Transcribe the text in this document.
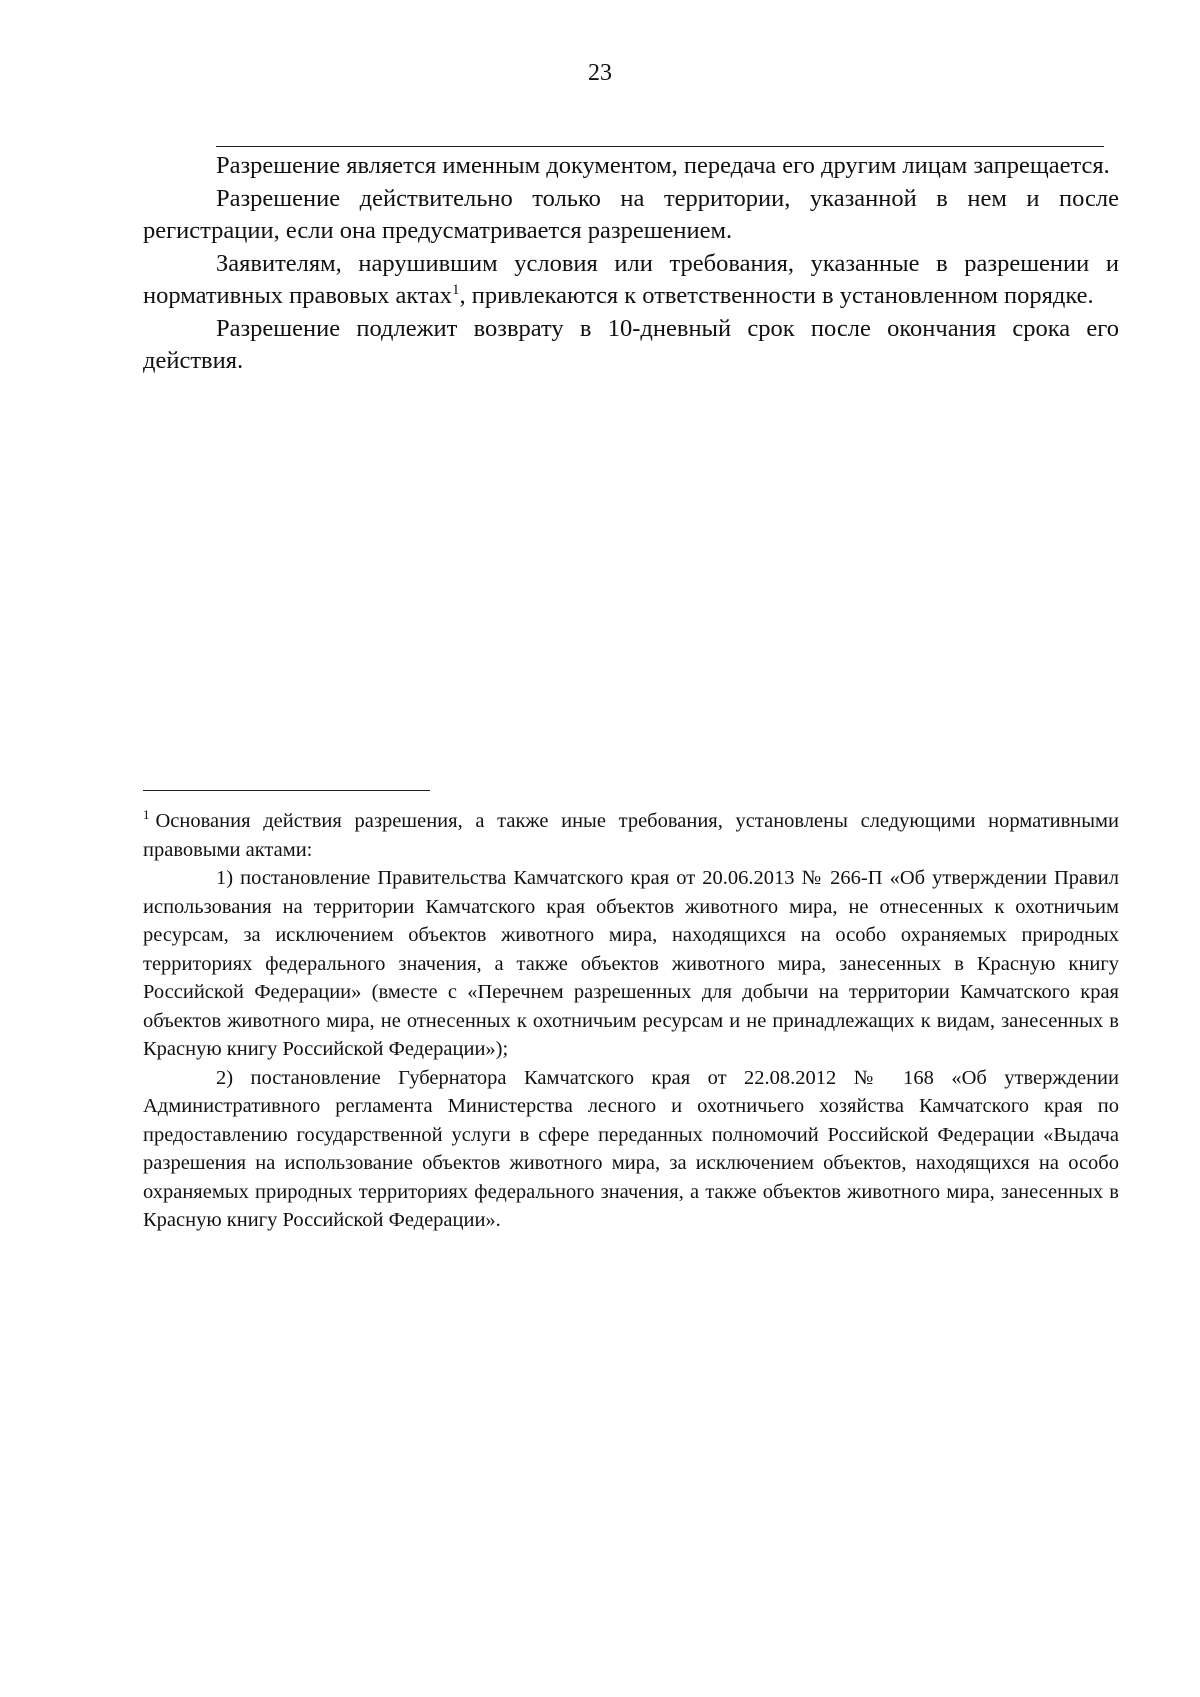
23

Разрешение является именным документом, передача его другим лицам запрещается.

Разрешение действительно только на территории, указанной в нем и после регистрации, если она предусматривается разрешением.

Заявителям, нарушившим условия или требования, указанные в разрешении и нормативных правовых актах$^1$, привлекаются к ответственности в установленном порядке.

Разрешение подлежит возврату в 10-дневный срок после окончания срока его действия.

$^1$ Основания действия разрешения, а также иные требования, установлены следующими нормативными правовыми актами:

1) постановление Правительства Камчатского края от 20.06.2013 № 266-П «Об утверждении Правил использования на территории Камчатского края объектов животного мира, не отнесенных к охотничьим ресурсам, за исключением объектов животного мира, находящихся на особо охраняемых природных территориях федерального значения, а также объектов животного мира, занесенных в Красную книгу Российской Федерации» (вместе с «Перечнем разрешенных для добычи на территории Камчатского края объектов животного мира, не отнесенных к охотничьим ресурсам и не принадлежащих к видам, занесенных в Красную книгу Российской Федерации»);

2) постановление Губернатора Камчатского края от 22.08.2012 № 168 «Об утверждении Административного регламента Министерства лесного и охотничьего хозяйства Камчатского края по предоставлению государственной услуги в сфере переданных полномочий Российской Федерации «Выдача разрешения на использование объектов животного мира, за исключением объектов, находящихся на особо охраняемых природных территориях федерального значения, а также объектов животного мира, занесенных в Красную книгу Российской Федерации».
